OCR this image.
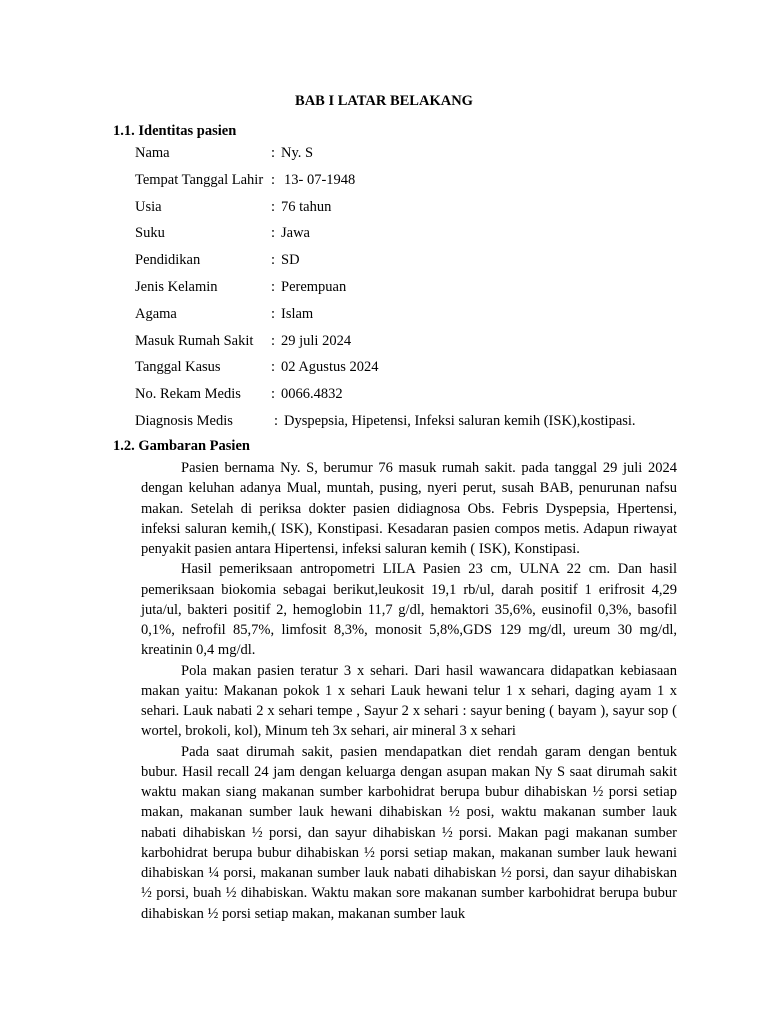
BAB I LATAR BELAKANG
1.1. Identitas pasien
Nama	: Ny. S
Tempat Tanggal Lahir : 13- 07-1948
Usia	: 76 tahun
Suku	: Jawa
Pendidikan	: SD
Jenis Kelamin	: Perempuan
Agama	: Islam
Masuk Rumah Sakit : 29 juli 2024
Tanggal Kasus	: 02 Agustus 2024
No. Rekam Medis : 0066.4832
Diagnosis Medis	: Dyspepsia, Hipetensi, Infeksi saluran kemih (ISK),kostipasi.
1.2. Gambaran Pasien

Pasien bernama Ny. S, berumur 76 masuk rumah sakit. pada tanggal 29 juli 2024 dengan keluhan adanya Mual, muntah, pusing, nyeri perut, susah BAB, penurunan nafsu makan. Setelah di periksa dokter pasien didiagnosa Obs. Febris Dyspepsia, Hpertensi, infeksi saluran kemih,( ISK), Konstipasi. Kesadaran pasien compos metis. Adapun riwayat penyakit pasien antara Hipertensi, infeksi saluran kemih ( ISK), Konstipasi.

Hasil pemeriksaan antropometri LILA Pasien 23 cm, ULNA 22 cm. Dan hasil pemeriksaan biokomia sebagai berikut,leukosit 19,1 rb/ul, darah positif 1 erifrosit 4,29 juta/ul, bakteri positif 2, hemoglobin 11,7 g/dl, hemaktori 35,6%, eusinofil 0,3%, basofil 0,1%, nefrofil 85,7%, limfosit 8,3%, monosit 5,8%,GDS 129 mg/dl, ureum 30 mg/dl, kreatinin 0,4 mg/dl.

Pola makan pasien teratur 3 x sehari. Dari hasil wawancara didapatkan kebiasaan makan yaitu: Makanan pokok 1 x sehari Lauk hewani telur 1 x sehari, daging ayam 1 x sehari. Lauk nabati 2 x sehari tempe , Sayur 2 x sehari : sayur bening ( bayam ), sayur sop ( wortel, brokoli, kol), Minum teh 3x sehari, air mineral 3 x sehari

Pada saat dirumah sakit, pasien mendapatkan diet rendah garam dengan bentuk bubur. Hasil recall 24 jam dengan keluarga dengan asupan makan Ny S saat dirumah sakit waktu makan siang makanan sumber karbohidrat berupa bubur dihabiskan ½ porsi setiap makan, makanan sumber lauk hewani dihabiskan ½ posi, waktu makanan sumber lauk nabati dihabiskan ½ porsi, dan sayur dihabiskan ½ porsi. Makan pagi makanan sumber karbohidrat berupa bubur dihabiskan ½ porsi setiap makan, makanan sumber lauk hewani dihabiskan ¼ porsi, makanan sumber lauk nabati dihabiskan ½ porsi, dan sayur dihabiskan ½ porsi, buah ½ dihabiskan. Waktu makan sore makanan sumber karbohidrat berupa bubur dihabiskan ½ porsi setiap makan, makanan sumber lauk
